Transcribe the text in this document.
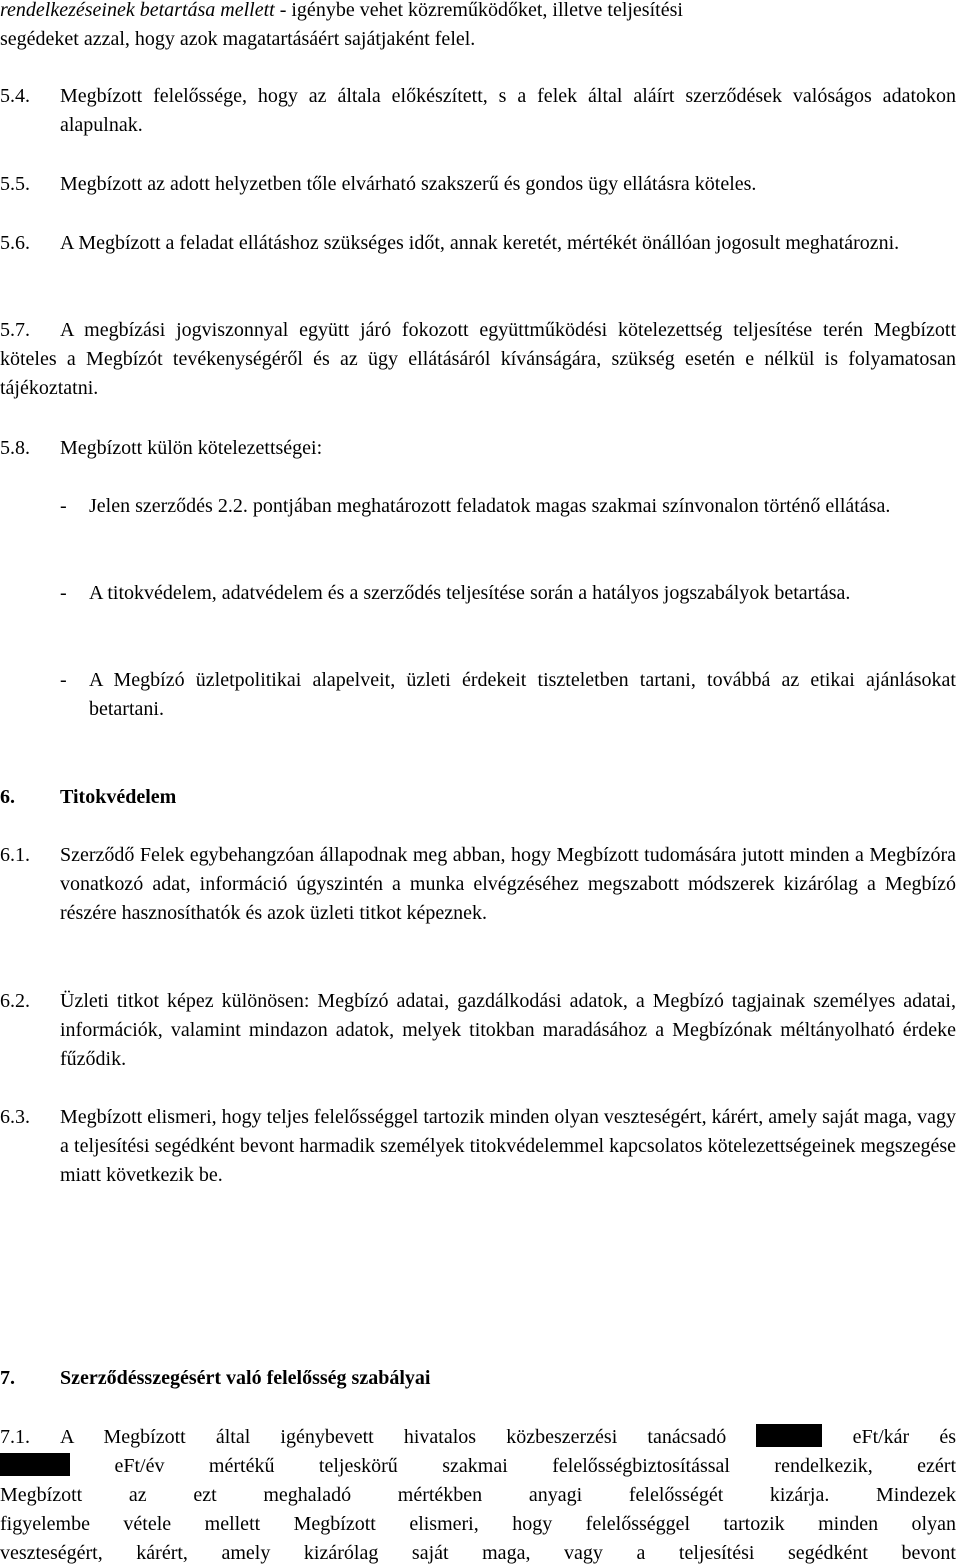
rendelkezéseinek betartása mellett - igénybe vehet közreműködőket, illetve teljesítési
segédeket azzal, hogy azok magatartásáért sajátjaként felel.
5.4. Megbízott felelőssége, hogy az általa előkészített, s a felek által aláírt szerződések valóságos adatokon alapulnak.
5.5. Megbízott az adott helyzetben tőle elvárható szakszerű és gondos ügy ellátásra köteles.
5.6. A Megbízott a feladat ellátáshoz szükséges időt, annak keretét, mértékét önállóan jogosult meghatározni.
5.7.	A megbízási jogviszonnyal együtt járó fokozott együttműködési kötelezettség teljesítése terén Megbízott köteles a Megbízót tevékenységéről és az ügy ellátásáról kívánságára, szükség esetén e nélkül is folyamatosan tájékoztatni.
5.8. Megbízott külön kötelezettségei:
- Jelen szerződés 2.2. pontjában meghatározott feladatok magas szakmai színvonalon történő ellátása.
- A titokvédelem, adatvédelem és a szerződés teljesítése során a hatályos jogszabályok betartása.
- A Megbízó üzletpolitikai alapelveit, üzleti érdekeit tiszteletben tartani, továbbá az etikai ajánlásokat betartani.
6. Titokvédelem
6.1. Szerződő Felek egybehangzóan állapodnak meg abban, hogy Megbízott tudomására jutott minden a Megbízóra vonatkozó adat, információ úgyszintén a munka elvégzéséhez megszabott módszerek kizárólag a Megbízó részére hasznosíthatók és azok üzleti titkot képeznek.
6.2. Üzleti titkot képez különösen: Megbízó adatai, gazdálkodási adatok, a Megbízó tagjainak személyes adatai, információk, valamint mindazon adatok, melyek titokban maradásához a Megbízónak méltányolható érdeke fűződik.
6.3. Megbízott elismeri, hogy teljes felelősséggel tartozik minden olyan veszteségért, kárért, amely saját maga, vagy a teljesítési segédként bevont harmadik személyek titokvédelemmel kapcsolatos kötelezettségeinek megszegése miatt következik be.
7. Szerződésszegésért való felelősség szabályai
7.1. A Megbízott által igénybevett hivatalos közbeszerzési tanácsadó	eFt/kár és
eFt/év mértékű teljeskörű szakmai felelősségbiztosítással rendelkezik, ezért
Megbízott az ezt meghaladó mértékben anyagi felelősségét kizárja. Mindezek
figyelembe vétele mellett Megbízott elismeri, hogy felelősséggel tartozik minden olyan
veszteségért, kárért, amely kizárólag saját maga, vagy a teljesítési segédként bevont
